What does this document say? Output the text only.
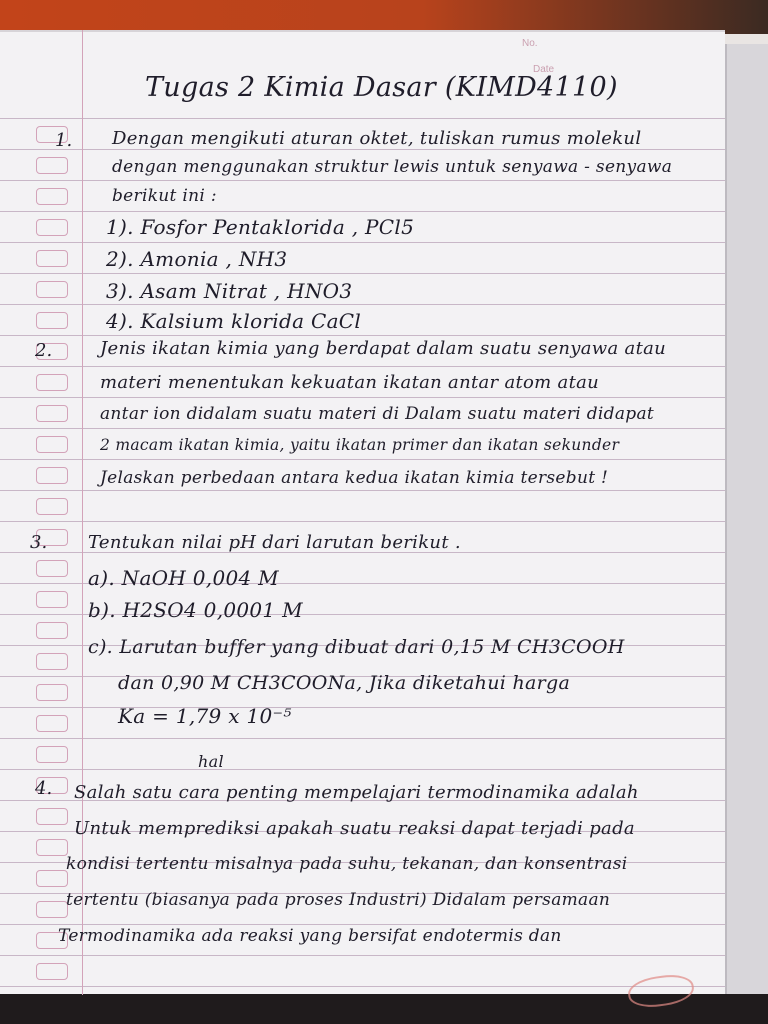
No.
Date
Tugas 2 Kimia Dasar (KIMD4110)
1. Dengan mengikuti aturan oktet, tuliskan rumus molekul
dengan menggunakan struktur lewis untuk senyawa - senyawa
berikut ini :
1). Fosfor Pentaklorida , PCl5
2). Amonia , NH3
3). Asam Nitrat , HNO3
4). Kalsium klorida CaCl
2.	Jenis ikatan kimia yang berdapat dalam suatu senyawa atau
materi menentukan kekuatan ikatan antar atom atau
antar ion didalam suatu materi di Dalam suatu materi didapat
2 macam ikatan kimia, yaitu ikatan primer dan ikatan sekunder
Jelaskan perbedaan antara kedua ikatan kimia tersebut !
3. Tentukan nilai pH dari larutan berikut .
a). NaOH 0,004 M
b). H2SO4 0,0001 M
c). Larutan buffer yang dibuat dari 0,15 M CH3COOH
dan 0,90 M CH3COONa, Jika diketahui harga
Ka = 1,79 x 10⁻⁵
4.
hal
Salah satu cara penting mempelajari termodinamika adalah
Untuk memprediksi apakah suatu reaksi dapat terjadi pada
kondisi tertentu misalnya pada suhu, tekanan, dan konsentrasi
tertentu (biasanya pada proses Industri) Didalam persamaan
Termodinamika ada reaksi yang bersifat endotermis dan
